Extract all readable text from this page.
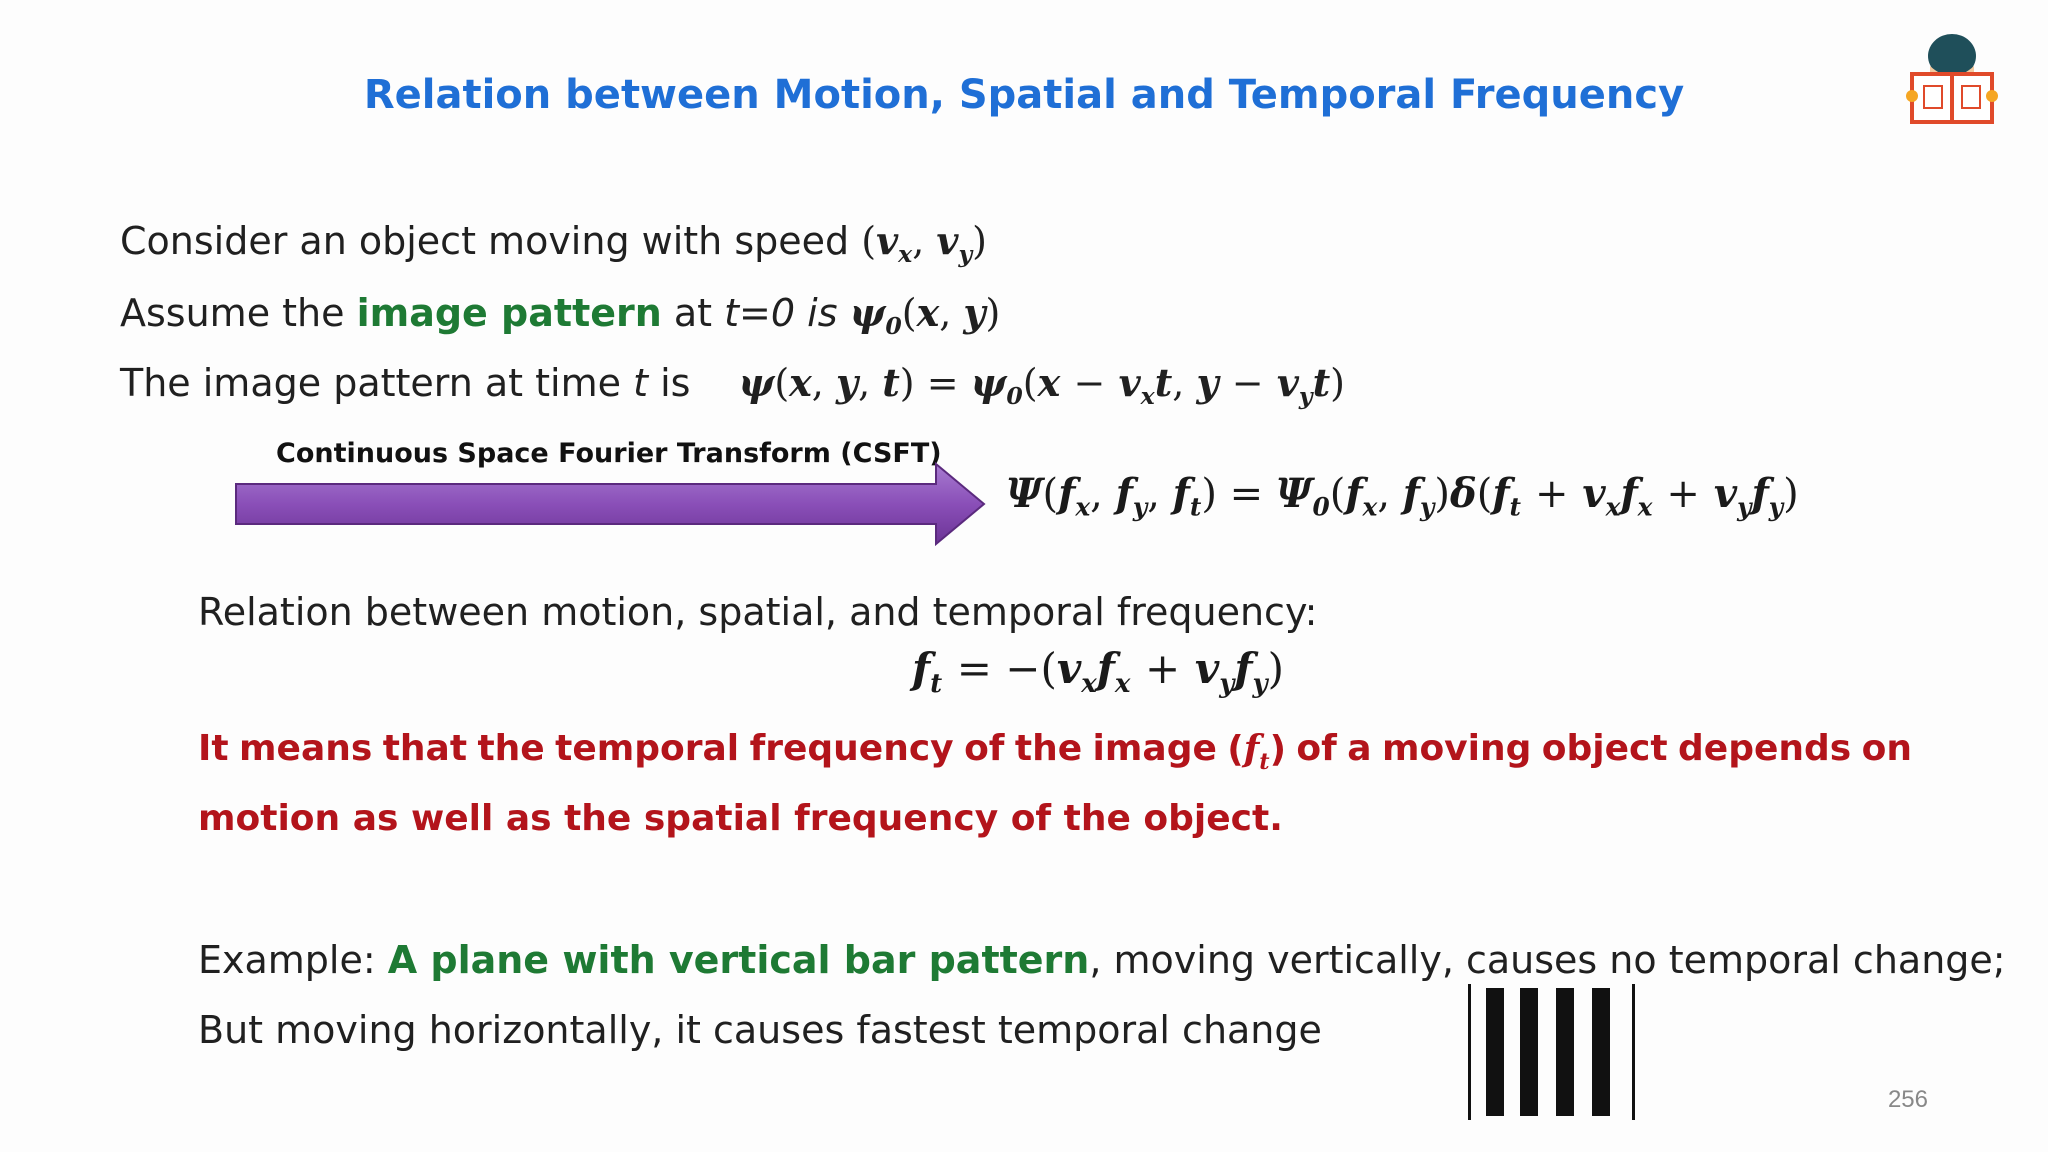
Relation between Motion, Spatial and Temporal Frequency
Consider an object moving with speed ($v_x$, $v_y$)
Assume the image pattern at t=0 is $\psi_0(x$, y)
The image pattern at time t is ψ(x, y, $t) = \psi_0(x - v_xt$, $y - v_yt$)
Continuous Space Fourier Transform (CSFT)
$\Psi(f_x$, $f_y$, $f_t) = \Psi_0(f_x$, $f_y)\delta(f_t + v_xf_x + v_yf_y)$
Relation between motion, spatial, and temporal frequency:
$f_t = -(v_xf_x + v_yf_y)$
It means that the temporal frequency of the image $(f_t)$ of a moving object depends on
motion as well as the spatial frequency of the object.
Example: A plane with vertical bar pattern, moving vertically, causes no temporal change;
But moving horizontally, it causes fastest temporal change
256
